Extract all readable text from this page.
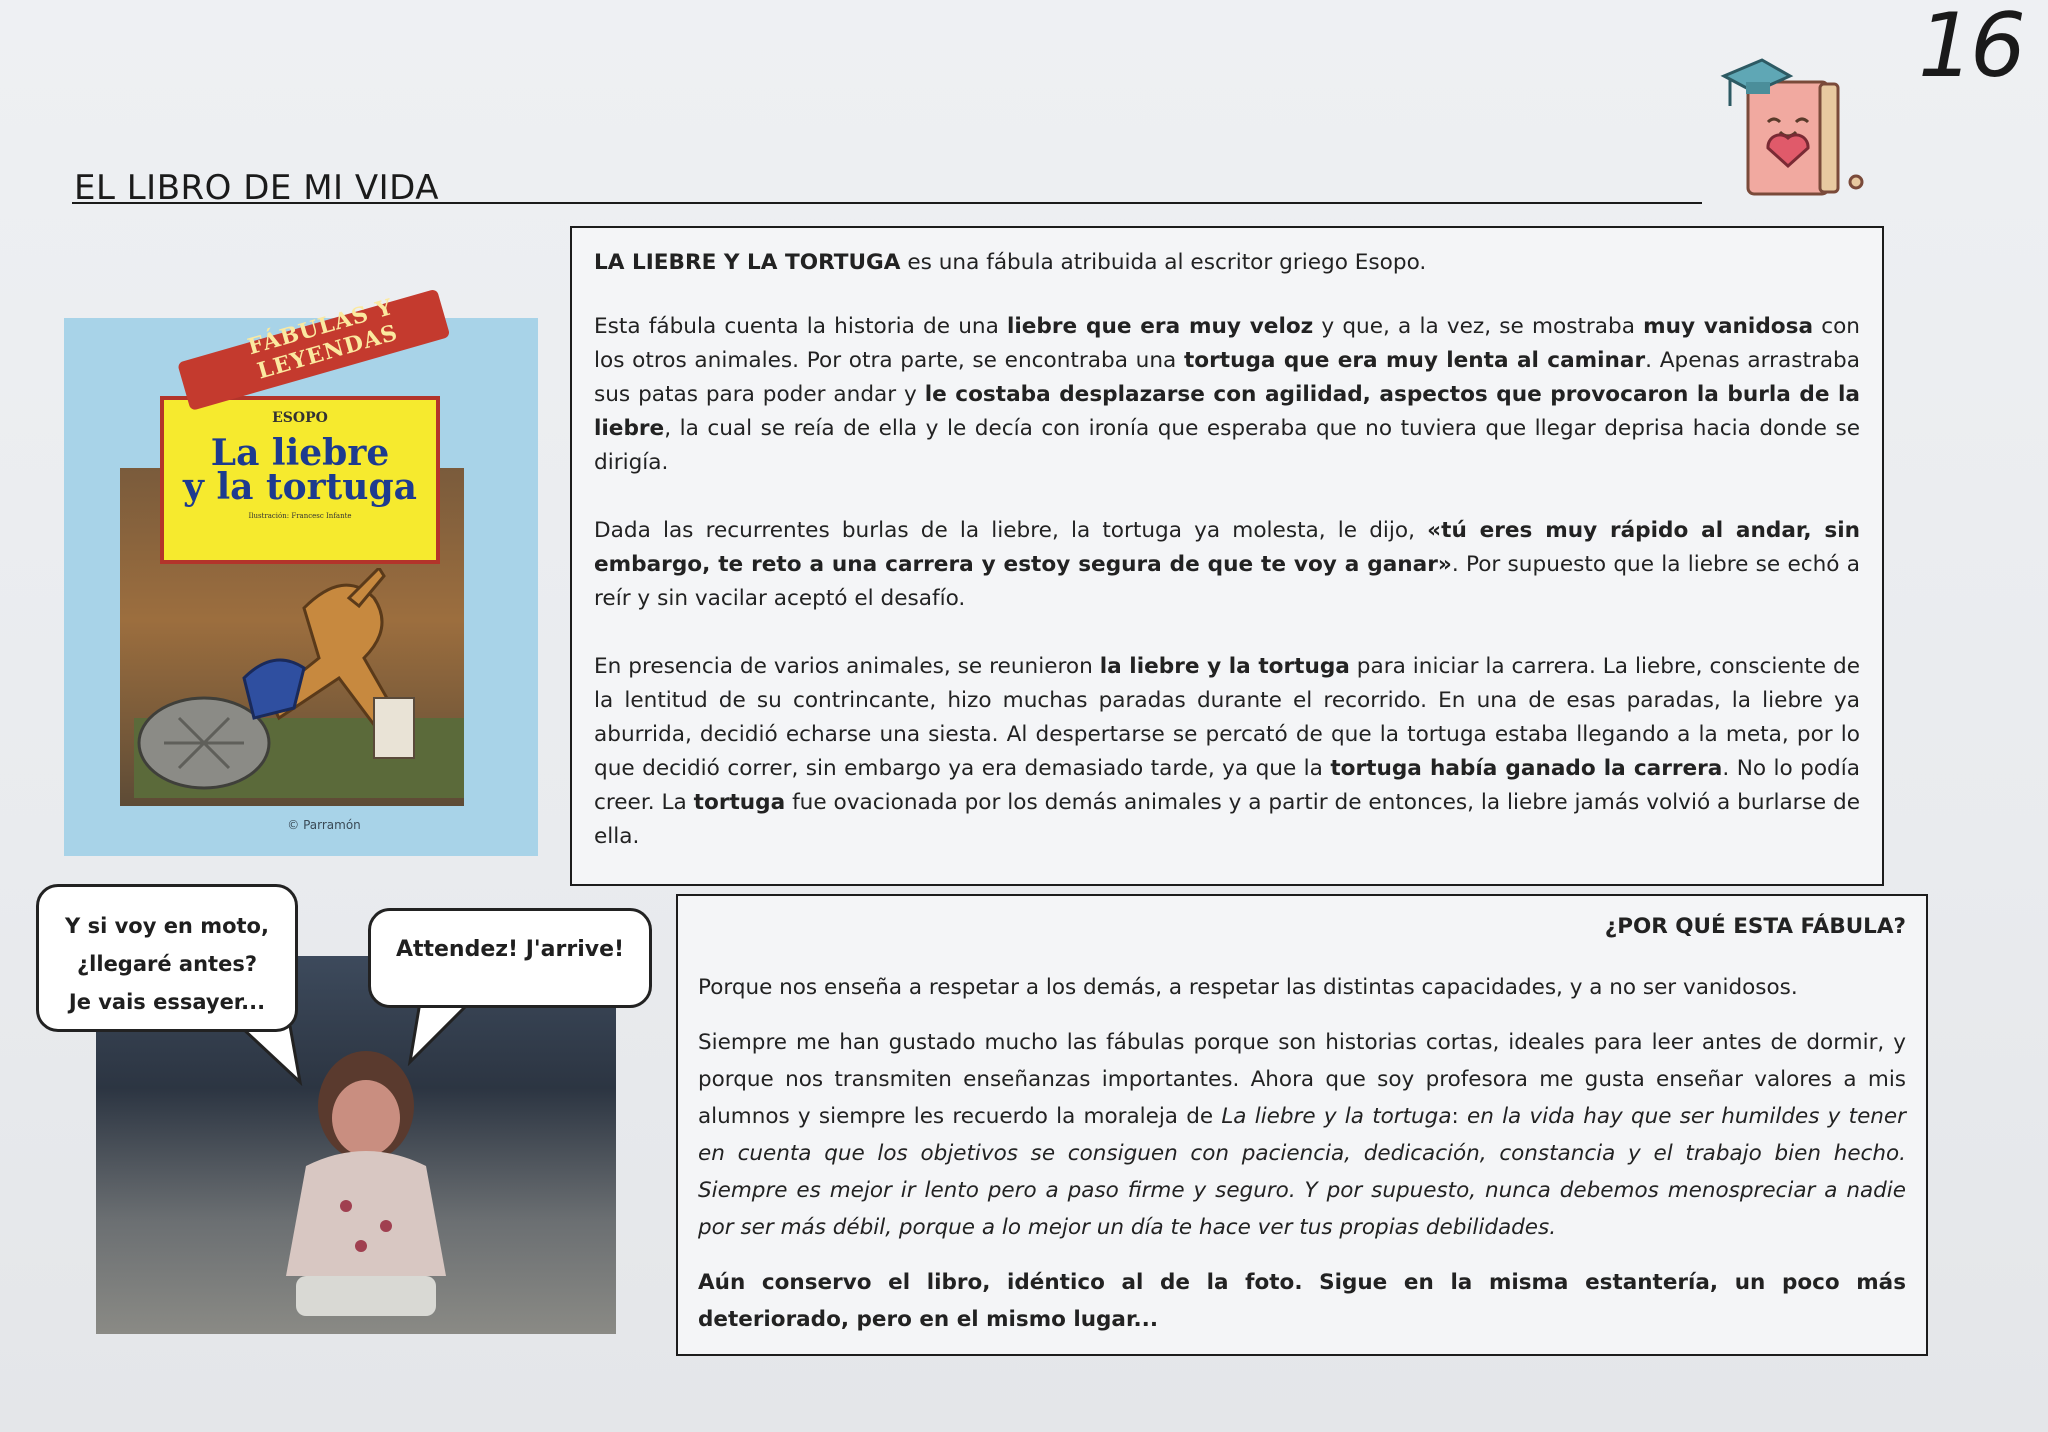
16
EL LIBRO DE MI VIDA
FÁBULAS Y LEYENDAS
ESOPO
La liebre
y la tortuga
Ilustración: Francesc Infante
© Parramón

LA LIEBRE Y LA TORTUGA es una fábula atribuida al escritor griego Esopo.

Esta fábula cuenta la historia de una liebre que era muy veloz y que, a la vez, se mostraba muy vanidosa con los otros animales. Por otra parte, se encontraba una tortuga que era muy lenta al caminar. Apenas arrastraba sus patas para poder andar y le costaba desplazarse con agilidad, aspectos que provocaron la burla de la liebre, la cual se reía de ella y le decía con ironía que esperaba que no tuviera que llegar deprisa hacia donde se dirigía.

Dada las recurrentes burlas de la liebre, la tortuga ya molesta, le dijo, «tú eres muy rápido al andar, sin embargo, te reto a una carrera y estoy segura de que te voy a ganar». Por supuesto que la liebre se echó a reír y sin vacilar aceptó el desafío.

En presencia de varios animales, se reunieron la liebre y la tortuga para iniciar la carrera. La liebre, consciente de la lentitud de su contrincante, hizo muchas paradas durante el recorrido. En una de esas paradas, la liebre ya aburrida, decidió echarse una siesta. Al despertarse se percató de que la tortuga estaba llegando a la meta, por lo que decidió correr, sin embargo ya era demasiado tarde, ya que la tortuga había ganado la carrera. No lo podía creer. La tortuga fue ovacionada por los demás animales y a partir de entonces, la liebre jamás volvió a burlarse de ella.

Y si voy en moto,
¿llegaré antes?
Je vais essayer...
Attendez! J'arrive!

¿POR QUÉ ESTA FÁBULA?

Porque nos enseña a respetar a los demás, a respetar las distintas capacidades, y a no ser vanidosos.

Siempre me han gustado mucho las fábulas porque son historias cortas, ideales para leer antes de dormir, y porque nos transmiten enseñanzas importantes. Ahora que soy profesora me gusta enseñar valores a mis alumnos y siempre les recuerdo la moraleja de La liebre y la tortuga: en la vida hay que ser humildes y tener en cuenta que los objetivos se consiguen con paciencia, dedicación, constancia y el trabajo bien hecho. Siempre es mejor ir lento pero a paso firme y seguro. Y por supuesto, nunca debemos menospreciar a nadie por ser más débil, porque a lo mejor un día te hace ver tus propias debilidades.

Aún conservo el libro, idéntico al de la foto. Sigue en la misma estantería, un poco más deteriorado, pero en el mismo lugar...
